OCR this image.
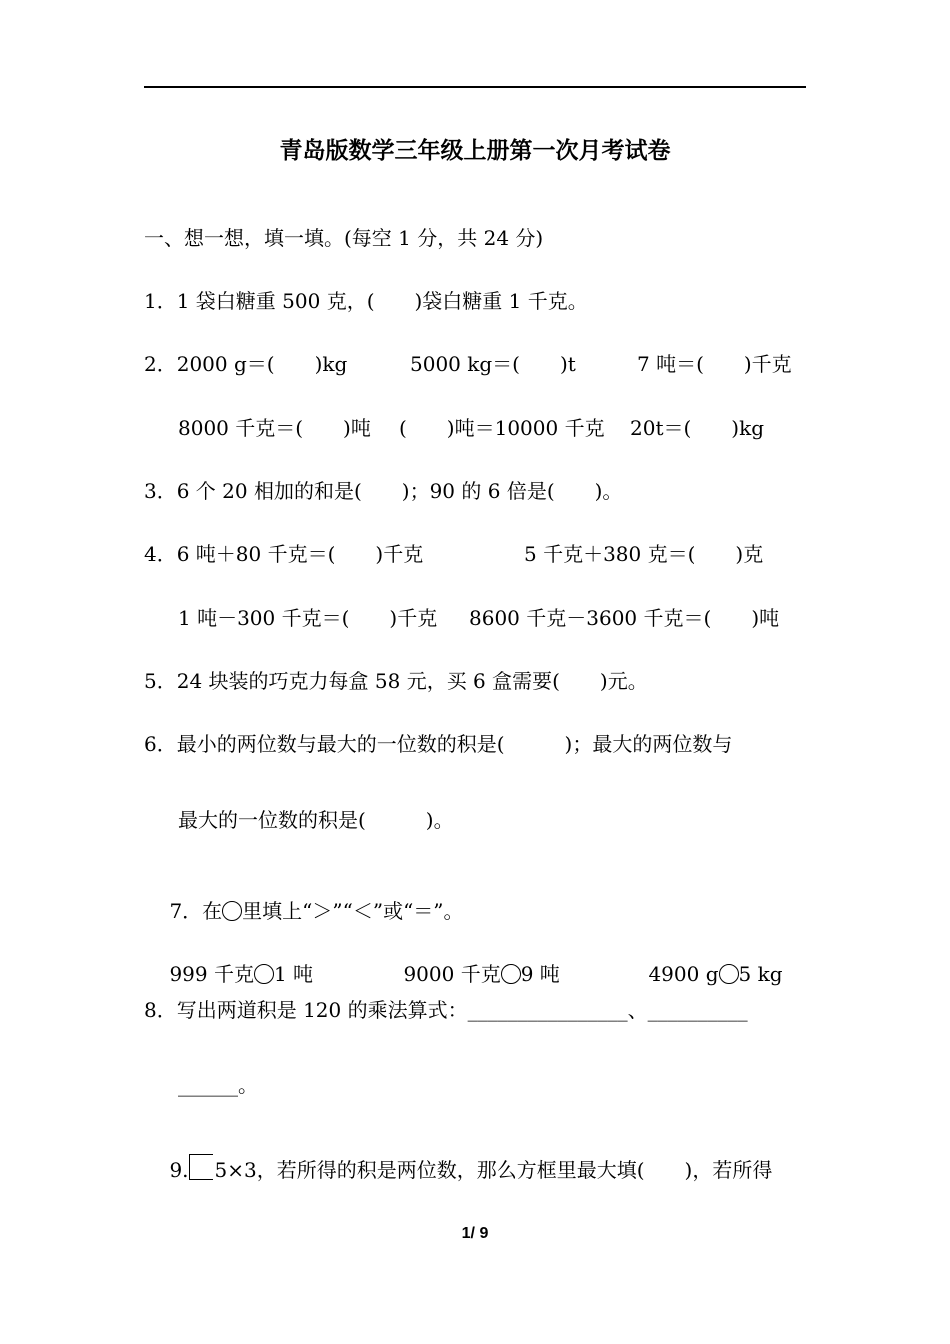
青岛版数学三年级上册第一次月考试卷
一、想一想，填一填。(每空 1 分，共 24 分)
1．1 袋白糖重 500 克，(　　)袋白糖重 1 千克。
2．2000 g＝(　　)kg	5000 kg＝(　　)t	7 吨＝(　　)千克
8000 千克＝(　　)吨 (　　)吨＝10000 千克 20t＝(　　)kg
3．6 个 20 相加的和是(　　)；90 的 6 倍是(　　)。
4．6 吨＋80 千克＝(　　)千克	5 千克＋380 克＝(　　)克
1 吨－300 千克＝(　　)千克 8600 千克－3600 千克＝(　　)吨
5．24 块装的巧克力每盒 58 元，买 6 盒需要(　　)元。
6．最小的两位数与最大的一位数的积是(　　　)；最大的两位数与
最大的一位数的积是(　　　)。

7．在 里填上“＞”“＜”或“＝”。

999 千克 1 吨
	9000 千克 9 吨
	4900 g 5 kg

8．写出两道积是 120 的乘法算式：________________、__________
______。

9. 5×3，若所得的积是两位数，那么方框里最大填(　　)，若所得

1/ 9
